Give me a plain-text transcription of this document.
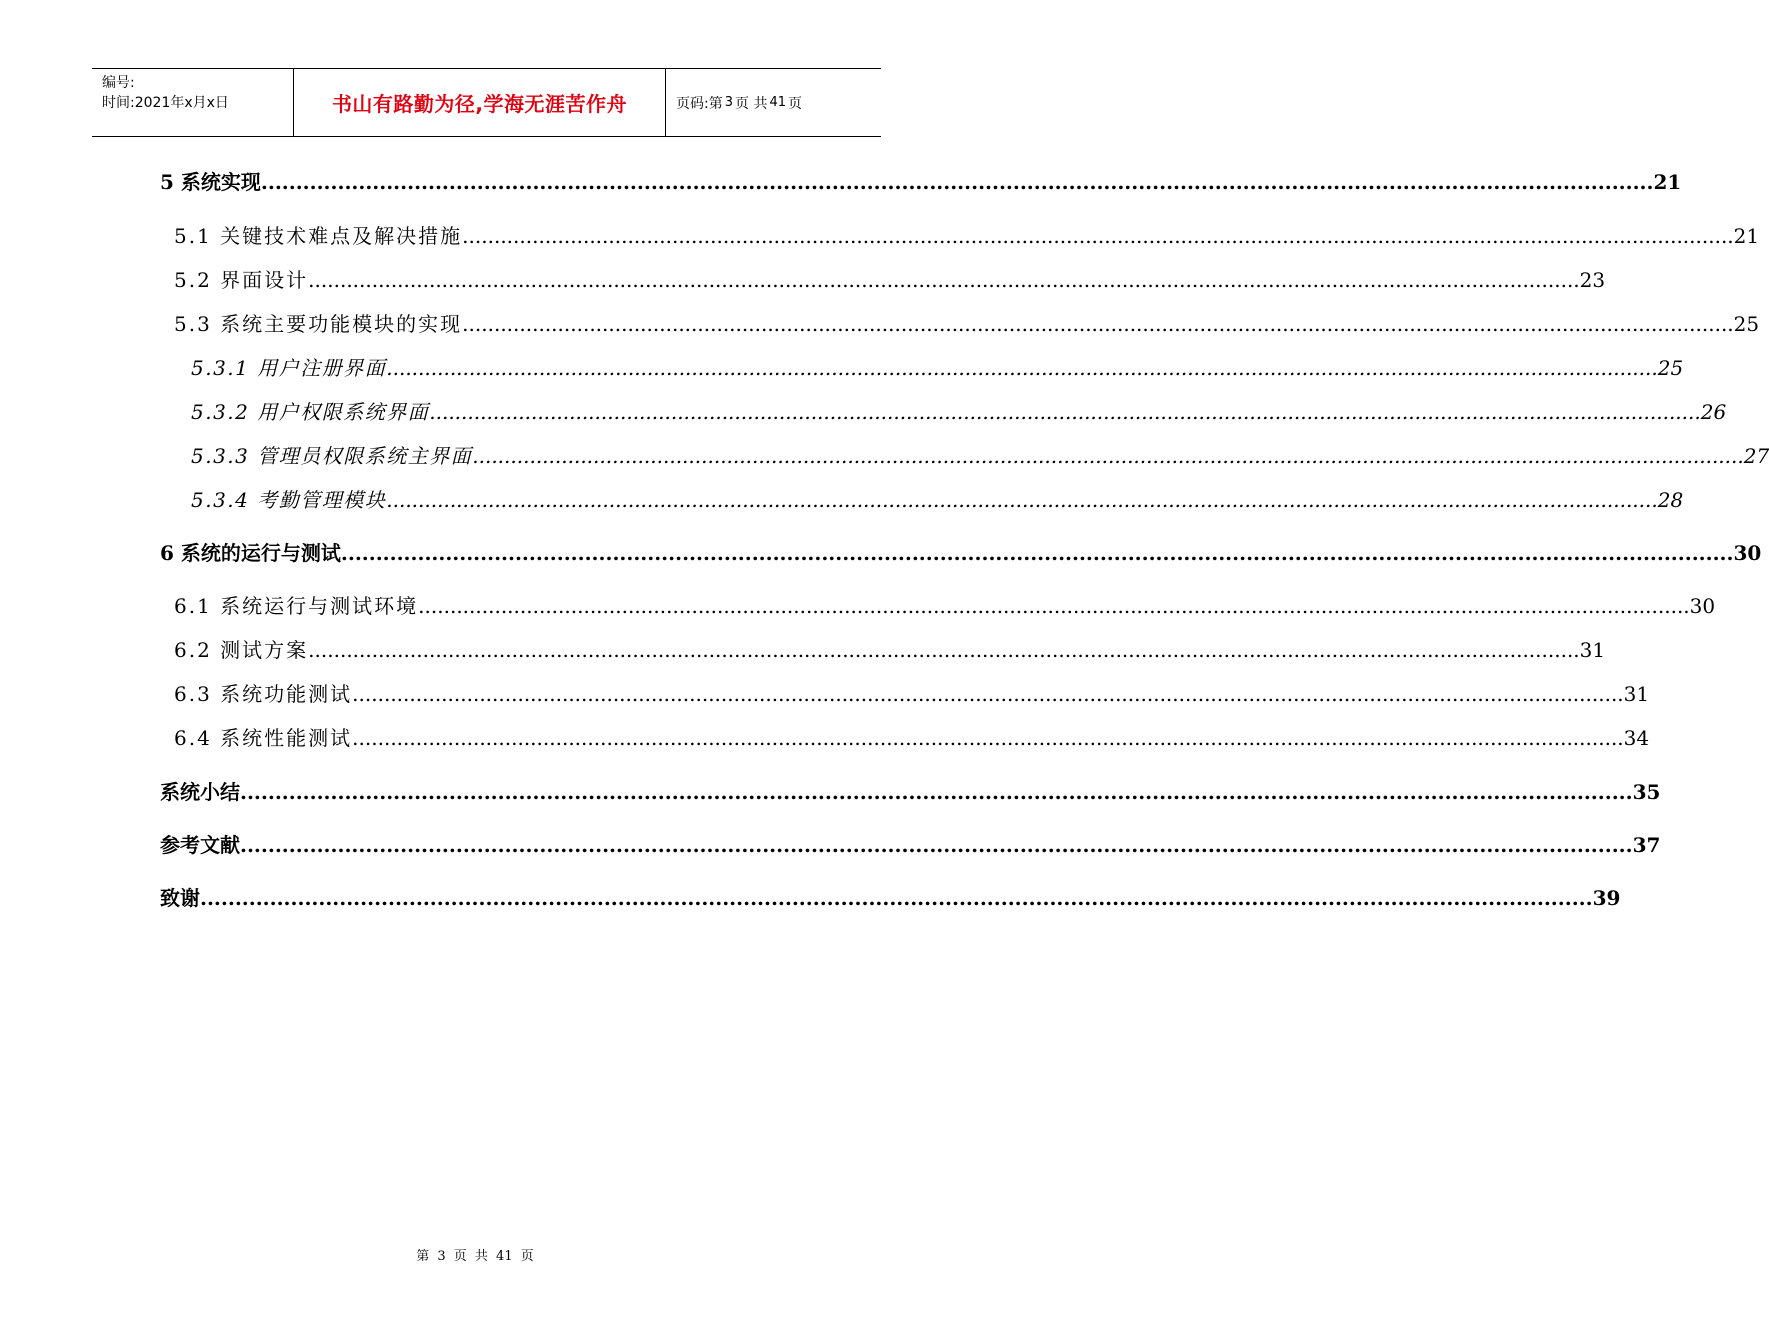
编号:
时间:2021年x月x日	书山有路勤为径,学海无涯苦作舟	页码:第 3 页 共 41 页
5 系统实现 ........................................................................................................................................................................................................ 21
5.1 关键技术难点及解决措施 ........................................................................................................................................................................................................ 21
5.2 界面设计 ........................................................................................................................................................................................................ 23
5.3 系统主要功能模块的实现 ........................................................................................................................................................................................................ 25
5.3.1 用户注册界面 ........................................................................................................................................................................................................ 25
5.3.2 用户权限系统界面 ........................................................................................................................................................................................................ 26
5.3.3 管理员权限系统主界面 ........................................................................................................................................................................................................ 27
5.3.4 考勤管理模块 ........................................................................................................................................................................................................ 28
6 系统的运行与测试 ........................................................................................................................................................................................................ 30
6.1 系统运行与测试环境 ........................................................................................................................................................................................................ 30
6.2 测试方案 ........................................................................................................................................................................................................ 31
6.3 系统功能测试 ........................................................................................................................................................................................................ 31
6.4 系统性能测试 ........................................................................................................................................................................................................ 34
系统小结 ........................................................................................................................................................................................................ 35
参考文献 ........................................................................................................................................................................................................ 37
致谢 ........................................................................................................................................................................................................ 39
第 3 页 共 41 页
